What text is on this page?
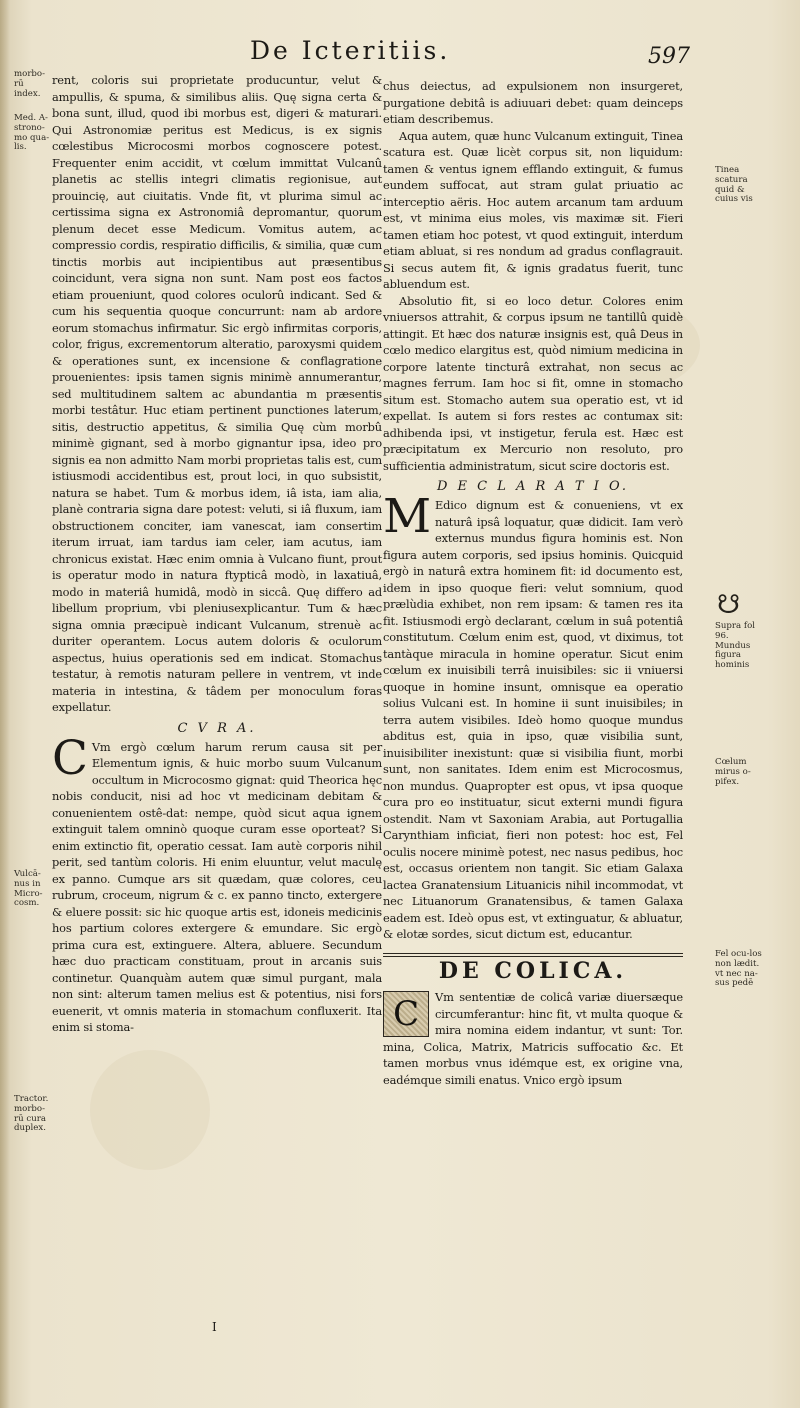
De Icteritiis.	597
morbo-rū index.
Med. A-strono-mo qua-lis.
Vulcā-nus in Micro-cosm.
Tractor. morbo-rū cura duplex.
Tinea scatura quid & cuius vis
☋
Supra fol 96. Mundus figura hominis
Cœlum mirus o-pifex.
Fel ocu-los non lædit. vt nec na-sus pedē

rent, coloris sui proprietate producuntur, velut & ampullis, & spuma, & similibus aliis. Quę signa certa & bona sunt, illud, quod ibi morbus est, digeri & maturari. Qui Astronomiæ peritus est Medicus, is ex signis cœlestibus Microcosmi morbos cognoscere potest. Frequenter enim accidit, vt cœlum immittat Vulcanû planetis ac stellis integri climatis regionisue, aut prouincię, aut ciuitatis. Vnde fit, vt plurima simul ac certissima signa ex Astronomiâ depromantur, quorum plenum decet esse Medicum. Vomitus autem, ac compressio cordis, respiratio difficilis, & similia, quæ cum tinctis morbis aut incipientibus aut præsentibus coincidunt, vera signa non sunt. Nam post eos factos etiam proueniunt, quod colores oculorû indicant. Sed & cum his sequentia quoque concurrunt: nam ab ardore eorum stomachus infirmatur. Sic ergò infirmitas corporis, color, frigus, excrementorum alteratio, paroxysmi quidem & operationes sunt, ex incensione & conflagratione prouenientes: ipsis tamen signis minimè annumerantur, sed multitudinem saltem ac abundantia m præsentis morbi testâtur. Huc etiam pertinent punctiones laterum, sitis, destructio appetitus, & similia Quę cùm morbû minimè gignant, sed à morbo gignantur ipsa, ideo pro signis ea non admitto Nam morbi proprietas talis est, cum istiusmodi accidentibus est, prout loci, in quo subsistit, natura se habet. Tum & morbus idem, iâ ista, iam alia, planè contraria signa dare potest: veluti, si iâ fluxum, iam obstructionem conciter, iam vanescat, iam consertim iterum irruat, iam tardus iam celer, iam acutus, iam chronicus existat. Hæc enim omnia à Vulcano fiunt, prout is operatur modo in natura ftypticâ modò, in laxatiuâ, modo in materiâ humidâ, modò in siccâ. Quę differo ad libellum proprium, vbi pleniusexplicantur. Tum & hæc signa omnia præcipuè indicant Vulcanum, strenuè ac duriter operantem. Locus autem doloris & oculorum aspectus, huius operationis sed em indicat. Stomachus testatur, à remotis naturam pellere in ventrem, vt inde materia in intestina, & tâdem per monoculum foras expellatur.

C V R A.

C Vm ergò cœlum harum rerum causa sit per Elementum ignis, & huic morbo suum Vulcanum occultum in Microcosmo gignat: quid Theorica hęc nobis conducit, nisi ad hoc vt medicinam debitam & conuenientem ostê-dat: nempe, quòd sicut aqua ignem extinguit talem omninò quoque curam esse oporteat? Si enim extinctio fit, operatio cessat. Iam autè corporis nihil perit, sed tantùm coloris. Hi enim eluuntur, velut maculę ex panno. Cumque ars sit quædam, quæ colores, ceu rubrum, croceum, nigrum & c. ex panno tincto, extergere & eluere possit: sic hic quoque artis est, idoneis medicinis hos partium colores extergere & emundare. Sic ergò prima cura est, extinguere. Altera, abluere. Secundum hæc duo practicam constituam, prout in arcanis suis continetur. Quanquàm autem quæ simul purgant, mala non sint: alterum tamen melius est & potentius, nisi fors euenerit, vt omnis materia in stomachum confluxerit. Ita enim si stoma-

chus deiectus, ad expulsionem non insurgeret, purgatione debitâ is adiuuari debet: quam deinceps etiam describemus.

Aqua autem, quæ hunc Vulcanum extinguit, Tinea scatura est. Quæ licèt corpus sit, non liquidum: tamen & ventus ignem efflando extinguit, & fumus eundem suffocat, aut stram gulat priuatio ac interceptio aëris. Hoc autem arcanum tam arduum est, vt minima eius moles, vis maximæ sit. Fieri tamen etiam hoc potest, vt quod extinguit, interdum etiam abluat, si res nondum ad gradus conflagrauit. Si secus autem fit, & ignis gradatus fuerit, tunc abluendum est.

Absolutio fit, si eo loco detur. Colores enim vniuersos attrahit, & corpus ipsum ne tantillû quidè attingit. Et hæc dos naturæ insignis est, quâ Deus in cœlo medico elargitus est, quòd nimium medicina in corpore latente tincturâ extrahat, non secus ac magnes ferrum. Iam hoc si fit, omne in stomacho situm est. Stomacho autem sua operatio est, vt id expellat. Is autem si fors restes ac contumax sit: adhibenda ipsi, vt instigetur, ferula est. Hæc est præcipitatum ex Mercurio non resoluto, pro sufficientia administratum, sicut scire doctoris est.

D E C L A R A T I O.

M Edico dignum est & conueniens, vt ex naturâ ipsâ loquatur, quæ didicit. Iam verò externus mundus figura hominis est. Non figura autem corporis, sed ipsius hominis. Quicquid ergò in naturâ extra hominem fit: id documento est, idem in ipso quoque fieri: velut somnium, quod prælùdia exhibet, non rem ipsam: & tamen res ita fit. Istiusmodi ergò declarant, cœlum in suâ potentiâ constitutum. Cœlum enim est, quod, vt diximus, tot tantàque miracula in homine operatur. Sicut enim cœlum ex inuisibili terrâ inuisibiles: sic ii vniuersi quoque in homine insunt, omnisque ea operatio solius Vulcani est. In homine ii sunt inuisibiles; in terra autem visibiles. Ideò homo quoque mundus abditus est, quia in ipso, quæ visibilia sunt, inuisibiliter inexistunt: quæ si visibilia fiunt, morbi sunt, non sanitates. Idem enim est Microcosmus, non mundus. Quapropter est opus, vt ipsa quoque cura pro eo instituatur, sicut externi mundi figura ostendit. Nam vt Saxoniam Arabia, aut Portugallia Carynthiam inficiat, fieri non potest: hoc est, Fel oculis nocere minimè potest, nec nasus pedibus, hoc est, occasus orientem non tangit. Sic etiam Galaxa lactea Granatensium Lituanicis nihil incommodat, vt nec Lituanorum Granatensibus, & tamen Galaxa eadem est. Ideò opus est, vt extinguatur, & abluatur, & elotæ sordes, sicut dictum est, educantur.

DE COLICA.

C	Vm sententiæ de colicâ variæ diuersæque circumferantur: hinc fit, vt multa quoque & mira nomina eidem indantur, vt sunt: Tor. mina, Colica, Matrix, Matricis suffocatio &c. Et tamen morbus vnus idémque est, ex origine vna, eadémque simili enatus. Vnico ergò ipsum

I
